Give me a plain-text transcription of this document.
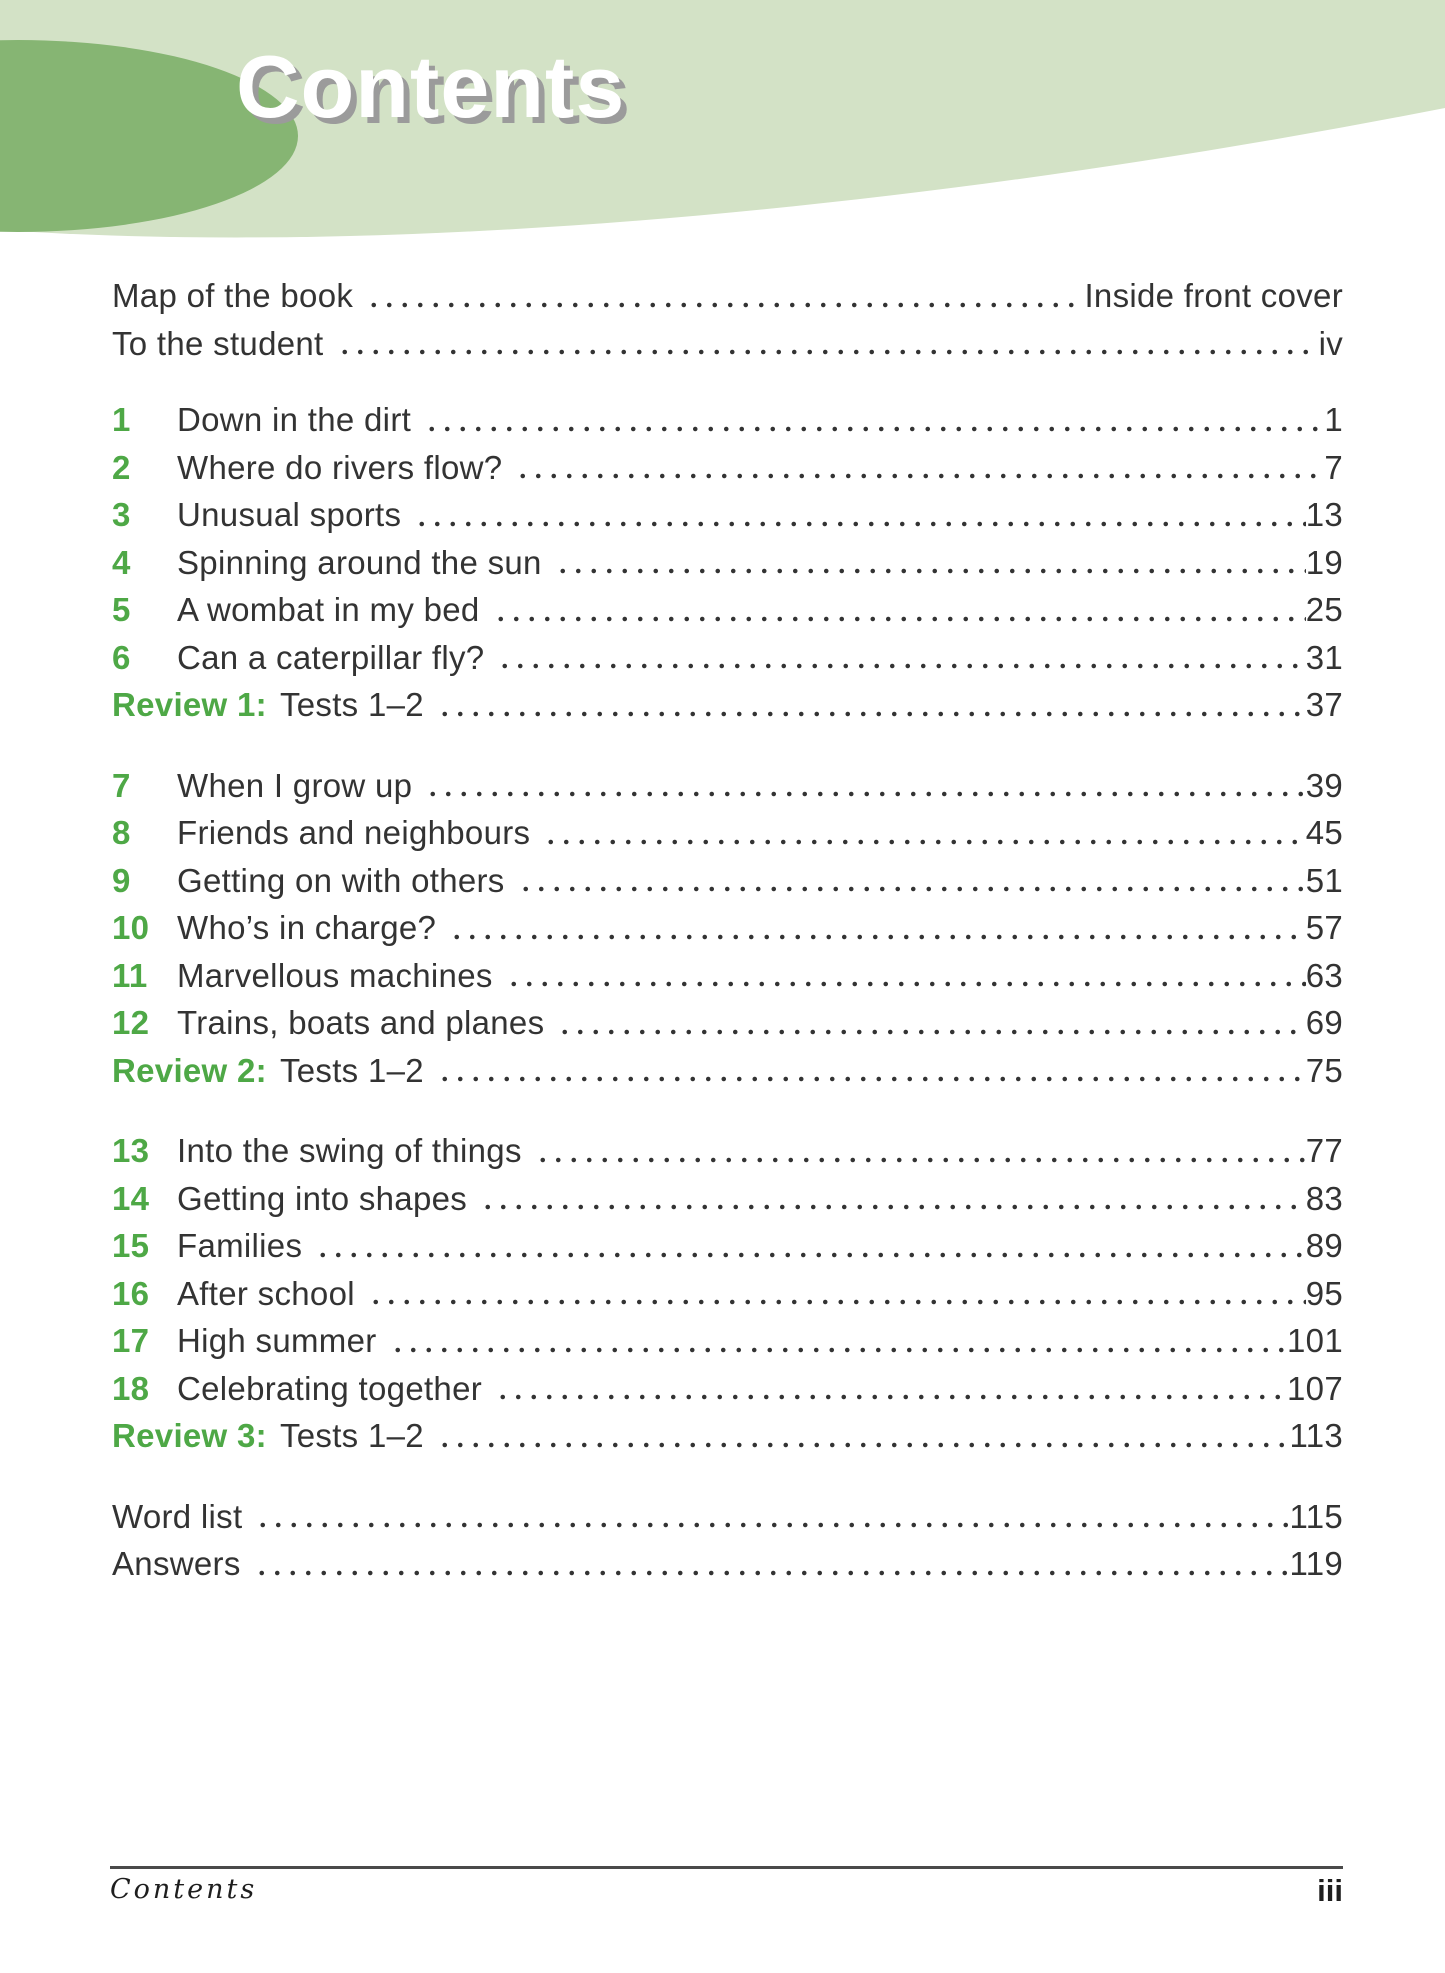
Contents
Map of the book	Inside front cover
To the student	iv
1	Down in the dirt	1
2	Where do rivers flow?	7
3	Unusual sports	13
4	Spinning around the sun	19
5	A wombat in my bed	25
6	Can a caterpillar fly?	31
Review 1: Tests 1–2	37
7	When I grow up	39
8	Friends and neighbours	45
9	Getting on with others	51
10 Who’s in charge?	57
11 Marvellous machines	63
12 Trains, boats and planes	69
Review 2: Tests 1–2	75
13 Into the swing of things	77
14 Getting into shapes	83
15 Families	89
16 After school	95
17 High summer	101
18 Celebrating together	107
Review 3: Tests 1–2	113
Word list	115
Answers	119
Contents	iii
